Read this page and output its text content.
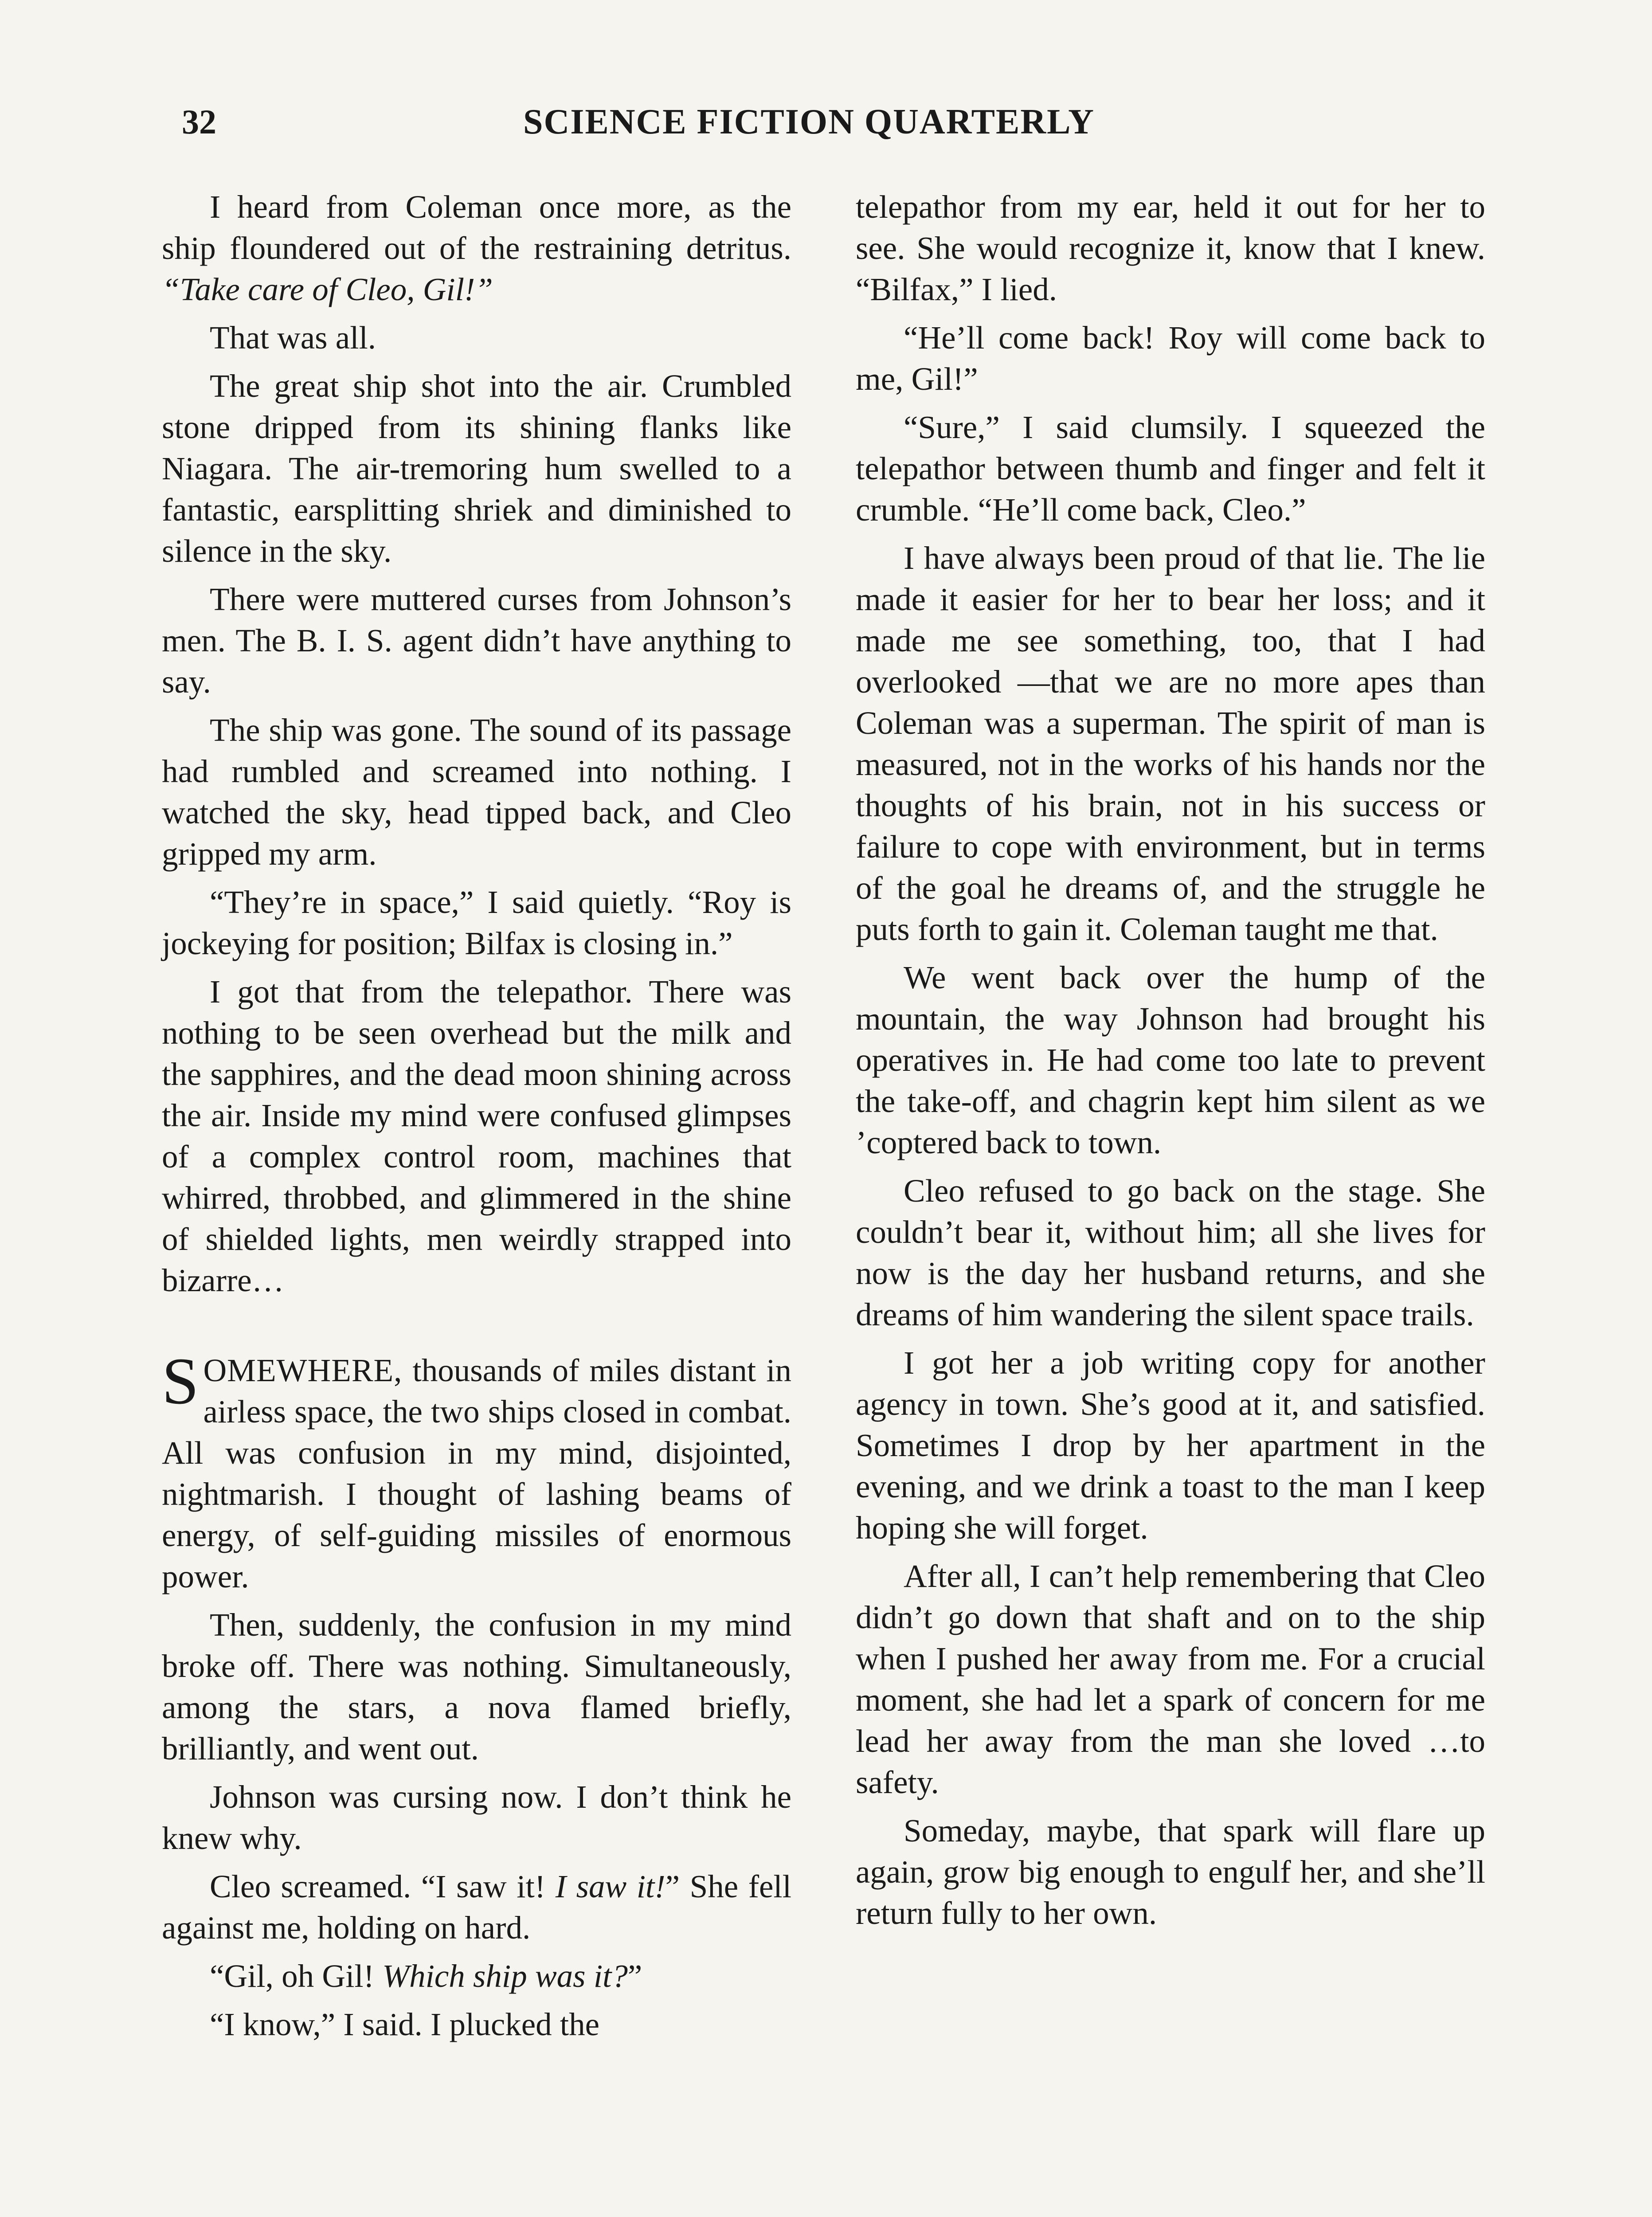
32	SCIENCE FICTION QUARTERLY

I heard from Coleman once more, as the ship floundered out of the restraining detritus. “Take care of Cleo, Gil!”

That was all.

The great ship shot into the air. Crumbled stone dripped from its shining flanks like Niagara. The air-tremoring hum swelled to a fantastic, earsplitting shriek and diminished to silence in the sky.

There were muttered curses from Johnson’s men. The B. I. S. agent didn’t have anything to say.

The ship was gone. The sound of its passage had rumbled and screamed into nothing. I watched the sky, head tipped back, and Cleo gripped my arm.

“They’re in space,” I said quietly. “Roy is jockeying for position; Bilfax is closing in.”

I got that from the telepathor. There was nothing to be seen overhead but the milk and the sapphires, and the dead moon shining across the air. Inside my mind were confused glimpses of a complex control room, machines that whirred, throbbed, and glimmered in the shine of shielded lights, men weirdly strapped into bizarre…

SOMEWHERE, thousands of miles distant in airless space, the two ships closed in combat. All was confusion in my mind, disjointed, nightmarish. I thought of lashing beams of energy, of self-guiding missiles of enormous power.

Then, suddenly, the confusion in my mind broke off. There was nothing. Simultaneously, among the stars, a nova flamed briefly, brilliantly, and went out.

Johnson was cursing now. I don’t think he knew why.

Cleo screamed. “I saw it! I saw it!” She fell against me, holding on hard.

“Gil, oh Gil! Which ship was it?”

“I know,” I said. I plucked the

telepathor from my ear, held it out for her to see. She would recognize it, know that I knew. “Bilfax,” I lied.

“He’ll come back! Roy will come back to me, Gil!”

“Sure,” I said clumsily. I squeezed the telepathor between thumb and finger and felt it crumble. “He’ll come back, Cleo.”

I have always been proud of that lie. The lie made it easier for her to bear her loss; and it made me see something, too, that I had overlooked —that we are no more apes than Coleman was a superman. The spirit of man is measured, not in the works of his hands nor the thoughts of his brain, not in his success or failure to cope with environment, but in terms of the goal he dreams of, and the struggle he puts forth to gain it. Coleman taught me that.

We went back over the hump of the mountain, the way Johnson had brought his operatives in. He had come too late to prevent the take-off, and chagrin kept him silent as we ’coptered back to town.

Cleo refused to go back on the stage. She couldn’t bear it, without him; all she lives for now is the day her husband returns, and she dreams of him wandering the silent space trails.

I got her a job writing copy for another agency in town. She’s good at it, and satisfied. Sometimes I drop by her apartment in the evening, and we drink a toast to the man I keep hoping she will forget.

After all, I can’t help remembering that Cleo didn’t go down that shaft and on to the ship when I pushed her away from me. For a crucial moment, she had let a spark of concern for me lead her away from the man she loved …to safety.

Someday, maybe, that spark will flare up again, grow big enough to engulf her, and she’ll return fully to her own.
